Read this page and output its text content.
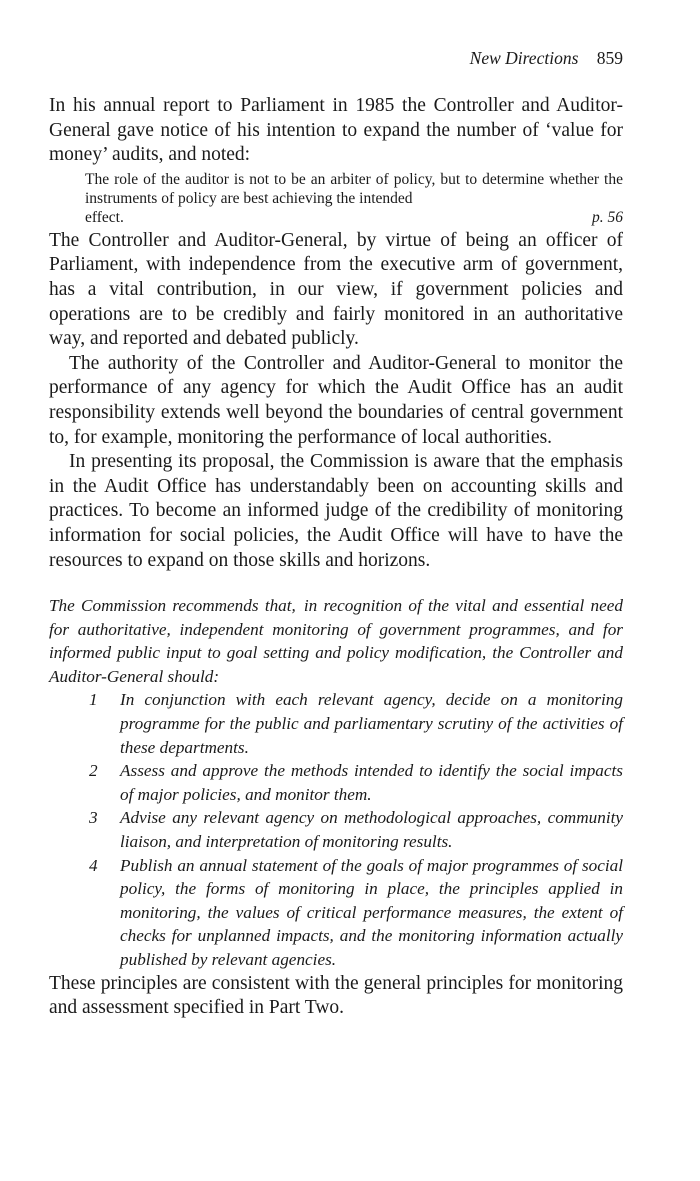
New Directions 859

In his annual report to Parliament in 1985 the Controller and Auditor-General gave notice of his intention to expand the number of ‘value for money’ audits, and noted:

The role of the auditor is not to be an arbiter of policy, but to determine whether the instruments of policy are best achieving the intended
effect.	p. 56

The Controller and Auditor-General, by virtue of being an officer of Parliament, with independence from the executive arm of government, has a vital contribution, in our view, if government policies and operations are to be credibly and fairly monitored in an authoritative way, and reported and debated publicly.

The authority of the Controller and Auditor-General to monitor the performance of any agency for which the Audit Office has an audit responsibility extends well beyond the boundaries of central government to, for example, monitoring the performance of local authorities.

In presenting its proposal, the Commission is aware that the emphasis in the Audit Office has understandably been on accounting skills and practices. To become an informed judge of the credibility of monitoring information for social policies, the Audit Office will have to have the resources to expand on those skills and horizons.

The Commission recommends that, in recognition of the vital and essential need for authoritative, independent monitoring of government programmes, and for informed public input to goal setting and policy modification, the Controller and Auditor-General should:
1 In conjunction with each relevant agency, decide on a monitoring programme for the public and parliamentary scrutiny of the activities of these departments.
2 Assess and approve the methods intended to identify the social impacts of major policies, and monitor them.
3 Advise any relevant agency on methodological approaches, community liaison, and interpretation of monitoring results.
4 Publish an annual statement of the goals of major programmes of social policy, the forms of monitoring in place, the principles applied in monitoring, the values of critical performance measures, the extent of checks for unplanned impacts, and the monitoring information actually published by relevant agencies.

These principles are consistent with the general principles for monitoring and assessment specified in Part Two.
